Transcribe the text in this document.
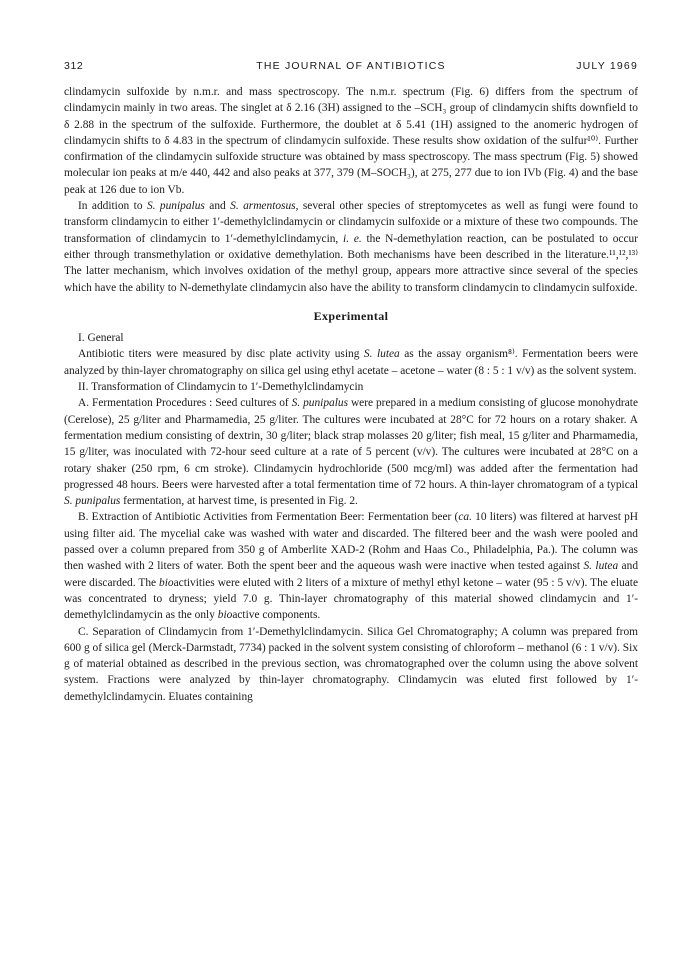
312	THE JOURNAL OF ANTIBIOTICS	JULY 1969

clindamycin sulfoxide by n.m.r. and mass spectroscopy. The n.m.r. spectrum (Fig. 6) differs from the spectrum of clindamycin mainly in two areas. The singlet at δ 2.16 (3H) assigned to the –SCH₃ group of clindamycin shifts downfield to δ 2.88 in the spectrum of the sulfoxide. Furthermore, the doublet at δ 5.41 (1H) assigned to the anomeric hydrogen of clindamycin shifts to δ 4.83 in the spectrum of clindamycin sulfoxide. These results show oxidation of the sulfur¹⁰⁾. Further confirmation of the clindamycin sulfoxide structure was obtained by mass spectroscopy. The mass spectrum (Fig. 5) showed molecular ion peaks at m/e 440, 442 and also peaks at 377, 379 (M–SOCH₃), at 275, 277 due to ion IVb (Fig. 4) and the base peak at 126 due to ion Vb.

In addition to S. punipalus and S. armentosus, several other species of streptomycetes as well as fungi were found to transform clindamycin to either 1′-demethylclindamycin or clindamycin sulfoxide or a mixture of these two compounds. The transformation of clindamycin to 1′-demethylclindamycin, i. e. the N-demethylation reaction, can be postulated to occur either through transmethylation or oxidative demethylation. Both mechanisms have been described in the literature.¹¹,¹²,¹³⁾ The latter mechanism, which involves oxidation of the methyl group, appears more attractive since several of the species which have the ability to N-demethylate clindamycin also have the ability to transform clindamycin to clindamycin sulfoxide.

Experimental

I. General

Antibiotic titers were measured by disc plate activity using S. lutea as the assay organism⁸⁾. Fermentation beers were analyzed by thin-layer chromatography on silica gel using ethyl acetate – acetone – water (8 : 5 : 1 v/v) as the solvent system.

II. Transformation of Clindamycin to 1′-Demethylclindamycin

A. Fermentation Procedures : Seed cultures of S. punipalus were prepared in a medium consisting of glucose monohydrate (Cerelose), 25 g/liter and Pharmamedia, 25 g/liter. The cultures were incubated at 28°C for 72 hours on a rotary shaker. A fermentation medium consisting of dextrin, 30 g/liter; black strap molasses 20 g/liter; fish meal, 15 g/liter and Pharmamedia, 15 g/liter, was inoculated with 72-hour seed culture at a rate of 5 percent (v/v). The cultures were incubated at 28°C on a rotary shaker (250 rpm, 6 cm stroke). Clindamycin hydrochloride (500 mcg/ml) was added after the fermentation had progressed 48 hours. Beers were harvested after a total fermentation time of 72 hours. A thin-layer chromatogram of a typical S. punipalus fermentation, at harvest time, is presented in Fig. 2.

B. Extraction of Antibiotic Activities from Fermentation Beer: Fermentation beer (ca. 10 liters) was filtered at harvest pH using filter aid. The mycelial cake was washed with water and discarded. The filtered beer and the wash were pooled and passed over a column prepared from 350 g of Amberlite XAD-2 (Rohm and Haas Co., Philadelphia, Pa.). The column was then washed with 2 liters of water. Both the spent beer and the aqueous wash were inactive when tested against S. lutea and were discarded. The bioactivities were eluted with 2 liters of a mixture of methyl ethyl ketone – water (95 : 5 v/v). The eluate was concentrated to dryness; yield 7.0 g. Thin-layer chromatography of this material showed clindamycin and 1′-demethylclindamycin as the only bioactive components.

C. Separation of Clindamycin from 1′-Demethylclindamycin. Silica Gel Chromatography; A column was prepared from 600 g of silica gel (Merck-Darmstadt, 7734) packed in the solvent system consisting of chloroform – methanol (6 : 1 v/v). Six g of material obtained as described in the previous section, was chromatographed over the column using the above solvent system. Fractions were analyzed by thin-layer chromatography. Clindamycin was eluted first followed by 1′-demethylclindamycin. Eluates containing
